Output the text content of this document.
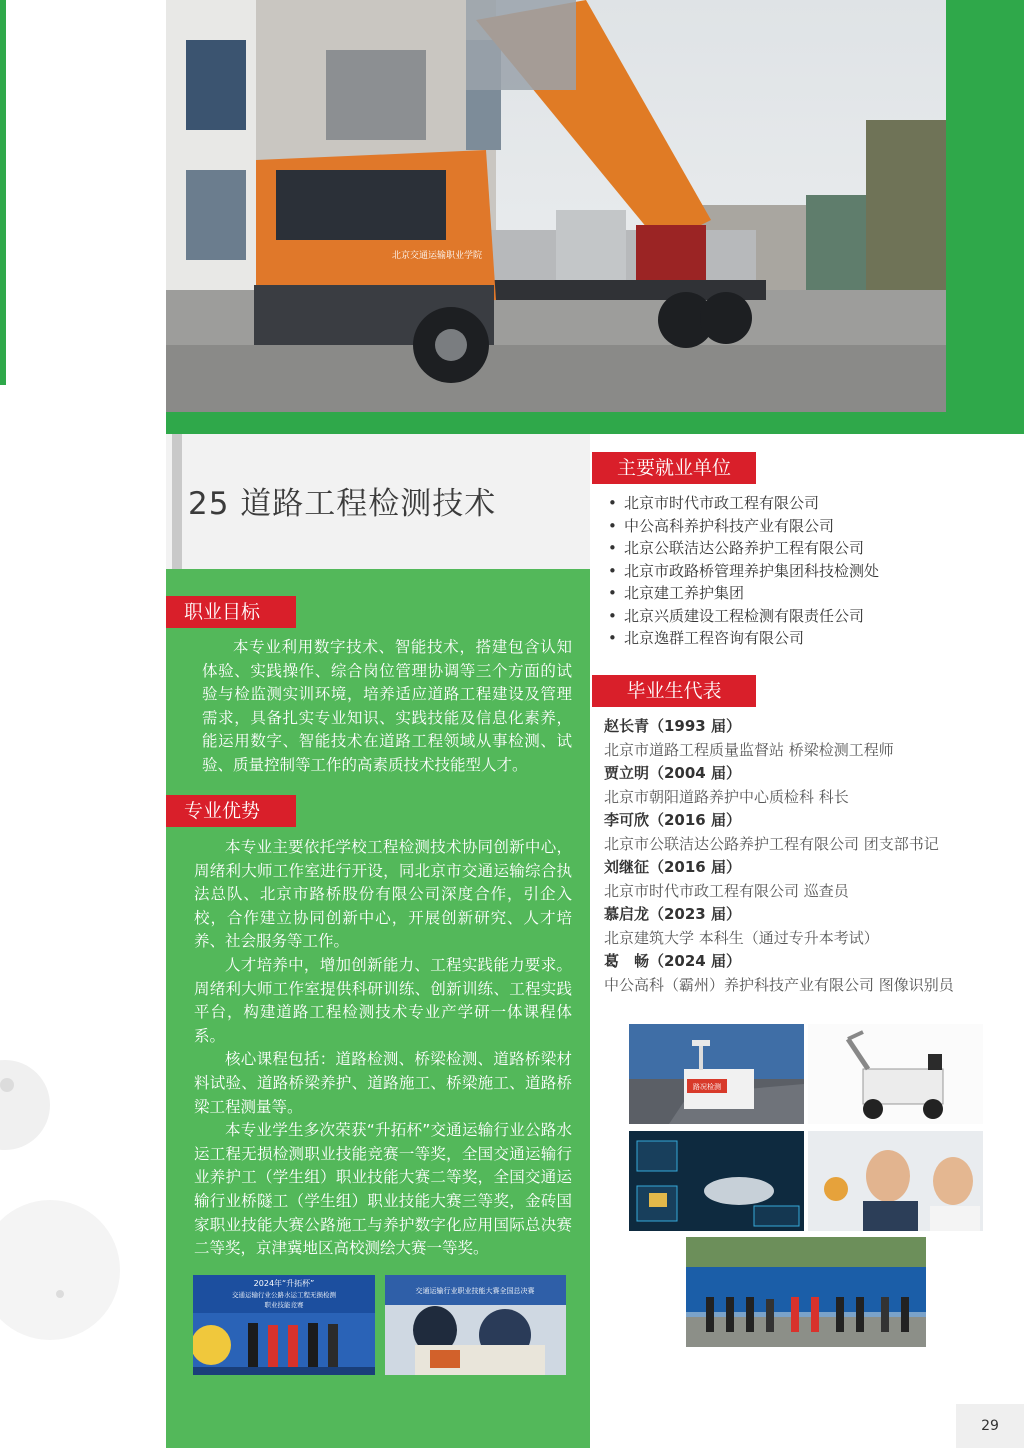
北京交通运输职业学院
25 道路工程检测技术
职业目标

本专业利用数字技术、智能技术，搭建包含认知体验、实践操作、综合岗位管理协调等三个方面的试验与检监测实训环境，培养适应道路工程建设及管理需求，具备扎实专业知识、实践技能及信息化素养，能运用数字、智能技术在道路工程领域从事检测、试验、质量控制等工作的高素质技术技能型人才。

专业优势

本专业主要依托学校工程检测技术协同创新中心，周绪利大师工作室进行开设，同北京市交通运输综合执法总队、北京市路桥股份有限公司深度合作，引企入校，合作建立协同创新中心，开展创新研究、人才培养、社会服务等工作。

人才培养中，增加创新能力、工程实践能力要求。周绪利大师工作室提供科研训练、创新训练、工程实践平台，构建道路工程检测技术专业产学研一体课程体系。

核心课程包括：道路检测、桥梁检测、道路桥梁材料试验、道路桥梁养护、道路施工、桥梁施工、道路桥梁工程测量等。

本专业学生多次荣获“升拓杯”交通运输行业公路水运工程无损检测职业技能竞赛一等奖，全国交通运输行业养护工（学生组）职业技能大赛二等奖，全国交通运输行业桥隧工（学生组）职业技能大赛三等奖，金砖国家职业技能大赛公路施工与养护数字化应用国际总决赛二等奖，京津冀地区高校测绘大赛一等奖。

2024年“升拓杯”
交通运输行业公路水运工程无损检测
职业技能竞赛
交通运输行业职业技能大赛全国总决赛
主要就业单位
• 北京市时代市政工程有限公司
• 中公高科养护科技产业有限公司
• 北京公联洁达公路养护工程有限公司
• 北京市政路桥管理养护集团科技检测处
• 北京建工养护集团
• 北京兴质建设工程检测有限责任公司
• 北京逸群工程咨询有限公司
毕业生代表
赵长青（1993 届）
北京市道路工程质量监督站 桥梁检测工程师
贾立明（2004 届）
北京市朝阳道路养护中心质检科 科长
李可欣（2016 届）
北京市公联洁达公路养护工程有限公司 团支部书记
刘继征（2016 届）
北京市时代市政工程有限公司 巡查员
慕启龙（2023 届）
北京建筑大学 本科生（通过专升本考试）
葛　畅（2024 届）
中公高科（霸州）养护科技产业有限公司 图像识别员
路况检测
29
